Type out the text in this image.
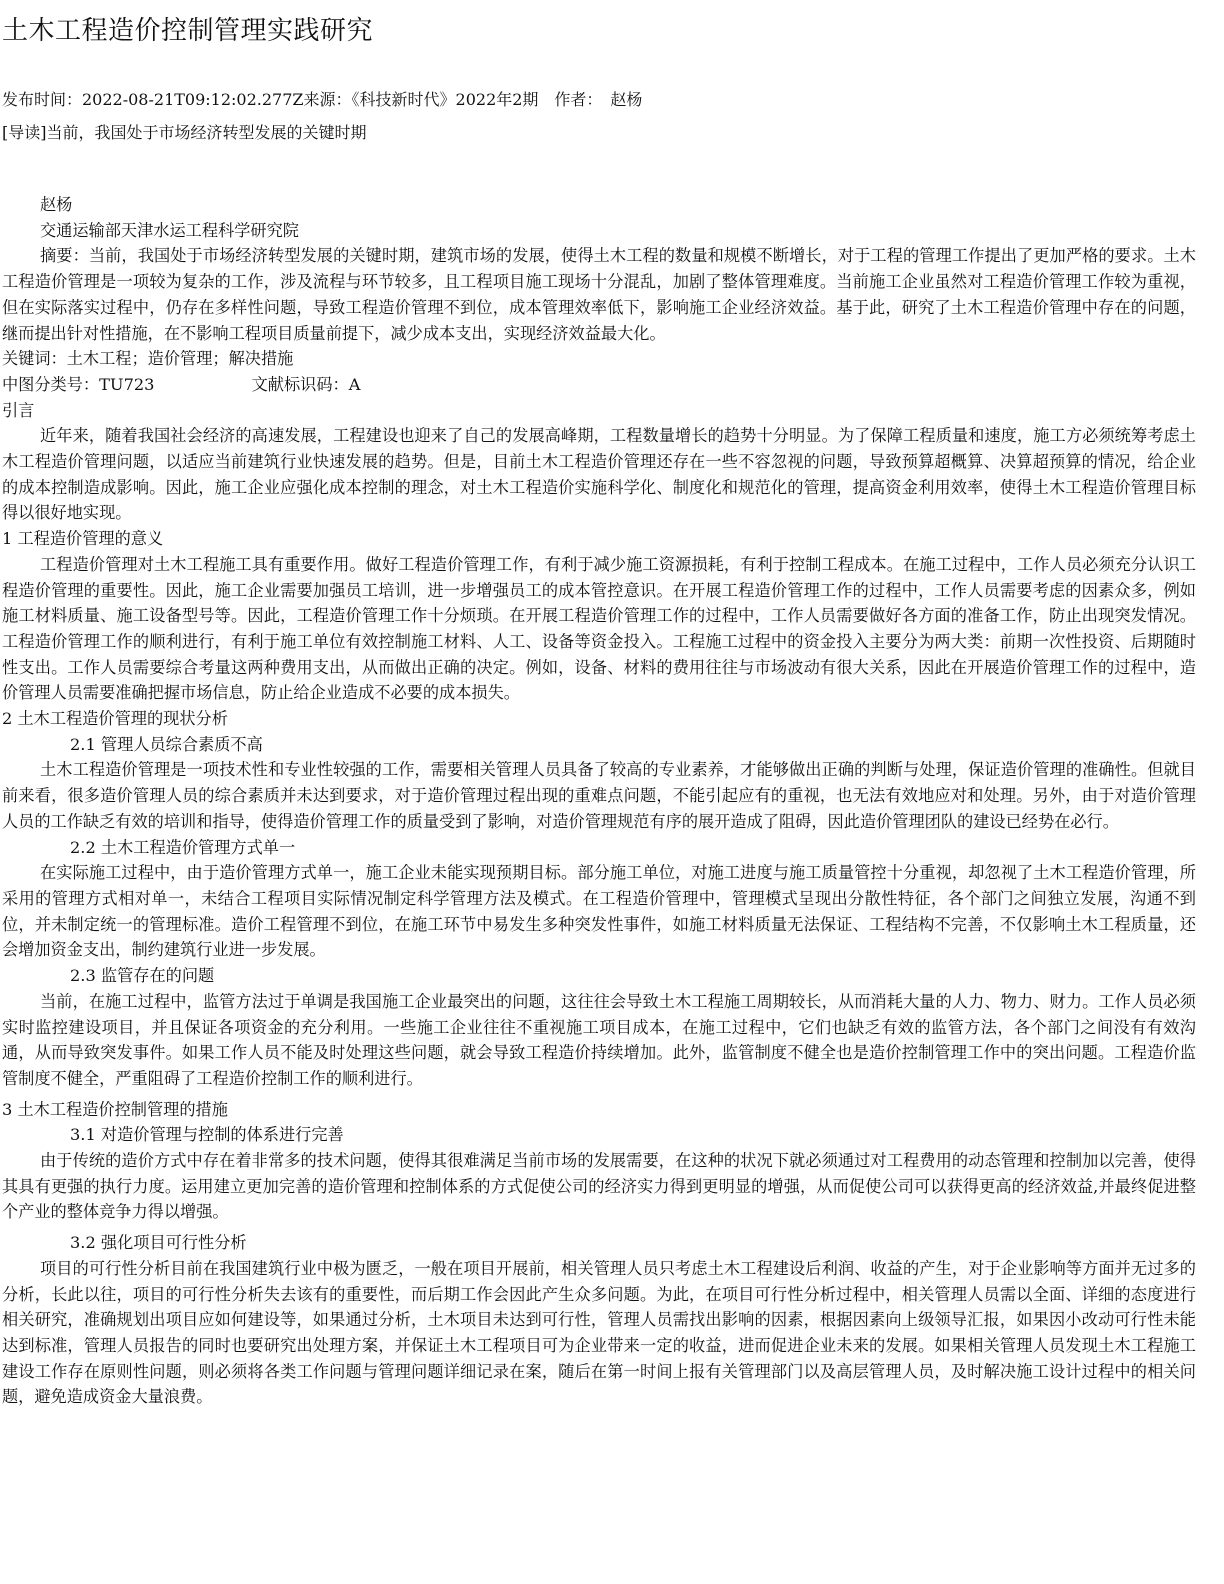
土木工程造价控制管理实践研究
发布时间：2022-08-21T09:12:02.277Z来源：《科技新时代》2022年2期　作者：　赵杨
[导读]当前，我国处于市场经济转型发展的关键时期

赵杨

交通运输部天津水运工程科学研究院

摘要：当前，我国处于市场经济转型发展的关键时期，建筑市场的发展，使得土木工程的数量和规模不断增长，对于工程的管理工作提出了更加严格的要求。土木工程造价管理是一项较为复杂的工作，涉及流程与环节较多，且工程项目施工现场十分混乱，加剧了整体管理难度。当前施工企业虽然对工程造价管理工作较为重视，但在实际落实过程中，仍存在多样性问题，导致工程造价管理不到位，成本管理效率低下，影响施工企业经济效益。基于此，研究了土木工程造价管理中存在的问题，继而提出针对性措施，在不影响工程项目质量前提下，减少成本支出，实现经济效益最大化。

关键词：土木工程；造价管理；解决措施

中图分类号：TU723　　　　　　文献标识码：A

引言

近年来，随着我国社会经济的高速发展，工程建设也迎来了自己的发展高峰期，工程数量增长的趋势十分明显。为了保障工程质量和速度，施工方必须统筹考虑土木工程造价管理问题，以适应当前建筑行业快速发展的趋势。但是，目前土木工程造价管理还存在一些不容忽视的问题，导致预算超概算、决算超预算的情况，给企业的成本控制造成影响。因此，施工企业应强化成本控制的理念，对土木工程造价实施科学化、制度化和规范化的管理，提高资金利用效率，使得土木工程造价管理目标得以很好地实现。

1 工程造价管理的意义

工程造价管理对土木工程施工具有重要作用。做好工程造价管理工作，有利于减少施工资源损耗，有利于控制工程成本。在施工过程中，工作人员必须充分认识工程造价管理的重要性。因此，施工企业需要加强员工培训，进一步增强员工的成本管控意识。在开展工程造价管理工作的过程中，工作人员需要考虑的因素众多，例如施工材料质量、施工设备型号等。因此，工程造价管理工作十分烦琐。在开展工程造价管理工作的过程中，工作人员需要做好各方面的准备工作，防止出现突发情况。工程造价管理工作的顺利进行，有利于施工单位有效控制施工材料、人工、设备等资金投入。工程施工过程中的资金投入主要分为两大类：前期一次性投资、后期随时性支出。工作人员需要综合考量这两种费用支出，从而做出正确的决定。例如，设备、材料的费用往往与市场波动有很大关系，因此在开展造价管理工作的过程中，造价管理人员需要准确把握市场信息，防止给企业造成不必要的成本损失。

2 土木工程造价管理的现状分析

2.1 管理人员综合素质不高

土木工程造价管理是一项技术性和专业性较强的工作，需要相关管理人员具备了较高的专业素养，才能够做出正确的判断与处理，保证造价管理的准确性。但就目前来看，很多造价管理人员的综合素质并未达到要求，对于造价管理过程出现的重难点问题，不能引起应有的重视，也无法有效地应对和处理。另外，由于对造价管理人员的工作缺乏有效的培训和指导，使得造价管理工作的质量受到了影响，对造价管理规范有序的展开造成了阻碍，因此造价管理团队的建设已经势在必行。

2.2 土木工程造价管理方式单一

在实际施工过程中，由于造价管理方式单一，施工企业未能实现预期目标。部分施工单位，对施工进度与施工质量管控十分重视，却忽视了土木工程造价管理，所采用的管理方式相对单一，未结合工程项目实际情况制定科学管理方法及模式。在工程造价管理中，管理模式呈现出分散性特征，各个部门之间独立发展，沟通不到位，并未制定统一的管理标准。造价工程管理不到位，在施工环节中易发生多种突发性事件，如施工材料质量无法保证、工程结构不完善，不仅影响土木工程质量，还会增加资金支出，制约建筑行业进一步发展。

2.3 监管存在的问题

当前，在施工过程中，监管方法过于单调是我国施工企业最突出的问题，这往往会导致土木工程施工周期较长，从而消耗大量的人力、物力、财力。工作人员必须实时监控建设项目，并且保证各项资金的充分利用。一些施工企业往往不重视施工项目成本，在施工过程中，它们也缺乏有效的监管方法，各个部门之间没有有效沟通，从而导致突发事件。如果工作人员不能及时处理这些问题，就会导致工程造价持续增加。此外，监管制度不健全也是造价控制管理工作中的突出问题。工程造价监管制度不健全，严重阻碍了工程造价控制工作的顺利进行。

3 土木工程造价控制管理的措施

3.1 对造价管理与控制的体系进行完善

由于传统的造价方式中存在着非常多的技术问题，使得其很难满足当前市场的发展需要，在这种的状况下就必须通过对工程费用的动态管理和控制加以完善，使得其具有更强的执行力度。运用建立更加完善的造价管理和控制体系的方式促使公司的经济实力得到更明显的增强，从而促使公司可以获得更高的经济效益,并最终促进整个产业的整体竞争力得以增强。

3.2 强化项目可行性分析

项目的可行性分析目前在我国建筑行业中极为匮乏，一般在项目开展前，相关管理人员只考虑土木工程建设后利润、收益的产生，对于企业影响等方面并无过多的分析，长此以往，项目的可行性分析失去该有的重要性，而后期工作会因此产生众多问题。为此，在项目可行性分析过程中，相关管理人员需以全面、详细的态度进行相关研究，准确规划出项目应如何建设等，如果通过分析，土木项目未达到可行性，管理人员需找出影响的因素，根据因素向上级领导汇报，如果因小改动可行性未能达到标准，管理人员报告的同时也要研究出处理方案，并保证土木工程项目可为企业带来一定的收益，进而促进企业未来的发展。如果相关管理人员发现土木工程施工建设工作存在原则性问题，则必须将各类工作问题与管理问题详细记录在案，随后在第一时间上报有关管理部门以及高层管理人员，及时解决施工设计过程中的相关问题，避免造成资金大量浪费。
